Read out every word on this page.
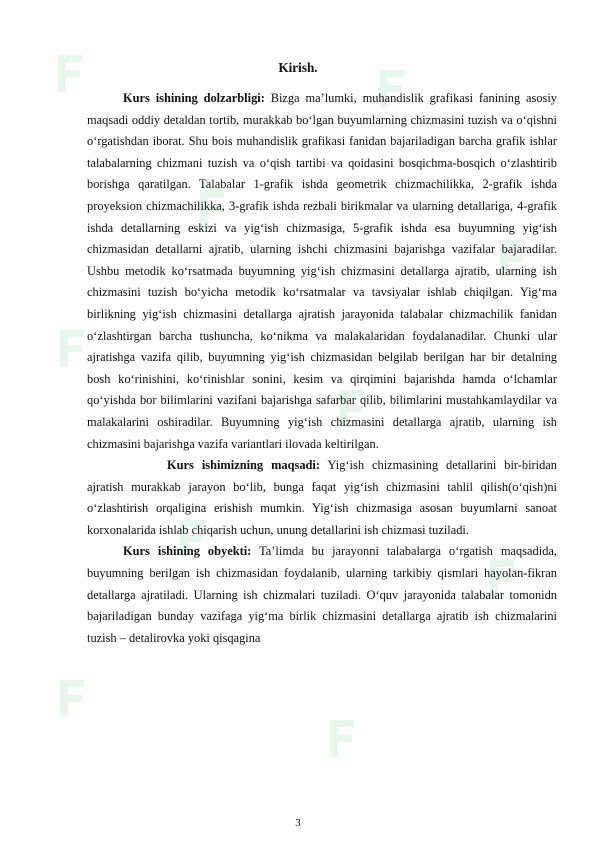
Kirish.

Kurs ishining dolzarbligi: Bizga ma’lumki, muhandislik grafikasi fanining asosiy maqsadi oddiy detaldan tortib, murakkab bo‘lgan buyumlarning chizmasini tuzish va o‘qishni o‘rgatishdan iborat. Shu bois muhandislik grafikasi fanidan bajariladigan barcha grafik ishlar talabalarning chizmani tuzish va o‘qish tartibi va qoidasini bosqichma-bosqich o‘zlashtirib borishga qaratilgan. Talabalar 1-grafik ishda geometrik chizmachilikka, 2-grafik ishda proyeksion chizmachilikka, 3-grafik ishda rezbali birikmalar va ularning detallariga, 4-grafik ishda detallarning eskizi va yig‘ish chizmasiga, 5-grafik ishda esa buyumning yig‘ish chizmasidan detallarni ajratib, ularning ishchi chizmasini bajarishga vazifalar bajaradilar. Ushbu metodik ko‘rsatmada buyumning yig‘ish chizmasini detallarga ajratib, ularning ish chizmasini tuzish bo‘yicha metodik ko‘rsatmalar va tavsiyalar ishlab chiqilgan. Yig‘ma birlikning yig‘ish chizmasini detallarga ajratish jarayonida talabalar chizmachilik fanidan o‘zlashtirgan barcha tushuncha, ko‘nikma va malakalaridan foydalanadilar. Chunki ular ajratishga vazifa qilib, buyumning yig‘ish chizmasidan belgilab berilgan har bir detalning bosh ko‘rinishini, ko‘rinishlar sonini, kesim va qirqimini bajarishda hamda o‘lchamlar qo‘yishda bor bilimlarini vazifani bajarishga safarbar qilib, bilimlarini mustahkamlaydilar va malakalarini oshiradilar. Buyumning yig‘ish chizmasini detallarga ajratib, ularning ish chizmasini bajarishga vazifa variantlari ilovada keltirilgan.

Kurs ishimizning maqsadi: Yig‘ish chizmasining detallarini bir-biridan ajratish murakkab jarayon bo‘lib, bunga faqat yig‘ish chizmasini tahlil qilish(o‘qish)ni o‘zlashtirish orqaligina erishish mumkin. Yig‘ish chizmasiga asosan buyumlarni sanoat korxonalarida ishlab chiqarish uchun, unung detallarini ish chizmasi tuziladi.

Kurs ishining obyekti: Ta’limda bu jarayonni talabalarga o‘rgatish maqsadida, buyumning berilgan ish chizmasidan foydalanib, ularning tarkibiy qismlari hayolan-fikran detallarga ajratiladi. Ularning ish chizmalari tuziladi. O‘quv jarayonida talabalar tomonidn bajariladigan bunday vazifaga yig‘ma birlik chizmasini detallarga ajratib ish chizmalarini tuzish – detalirovka yoki qisqagina

3
